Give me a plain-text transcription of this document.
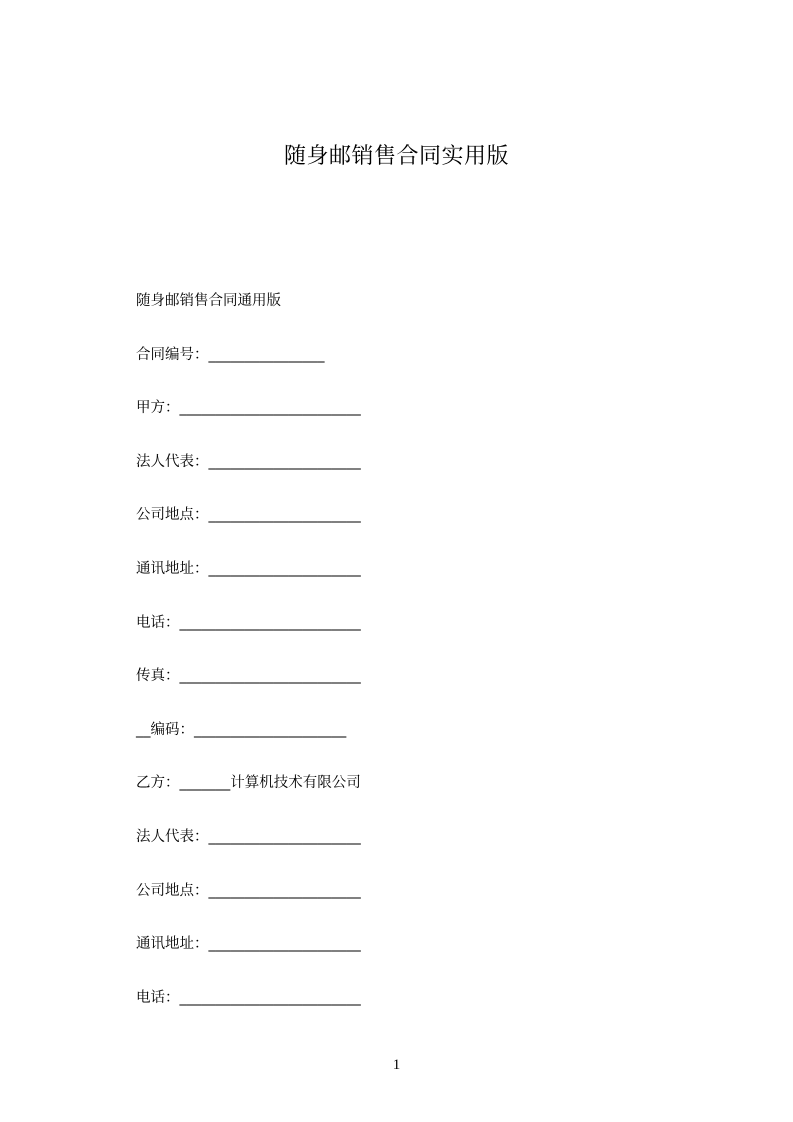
随身邮销售合同实用版
随身邮销售合同通用版
合同编号：________________
甲方：_________________________
法人代表：_____________________
公司地点：_____________________
通讯地址：_____________________
电话：_________________________
传真：_________________________
__编码：_____________________
乙方：_______计算机技术有限公司
法人代表：_____________________
公司地点：_____________________
通讯地址：_____________________
电话：_________________________
1
